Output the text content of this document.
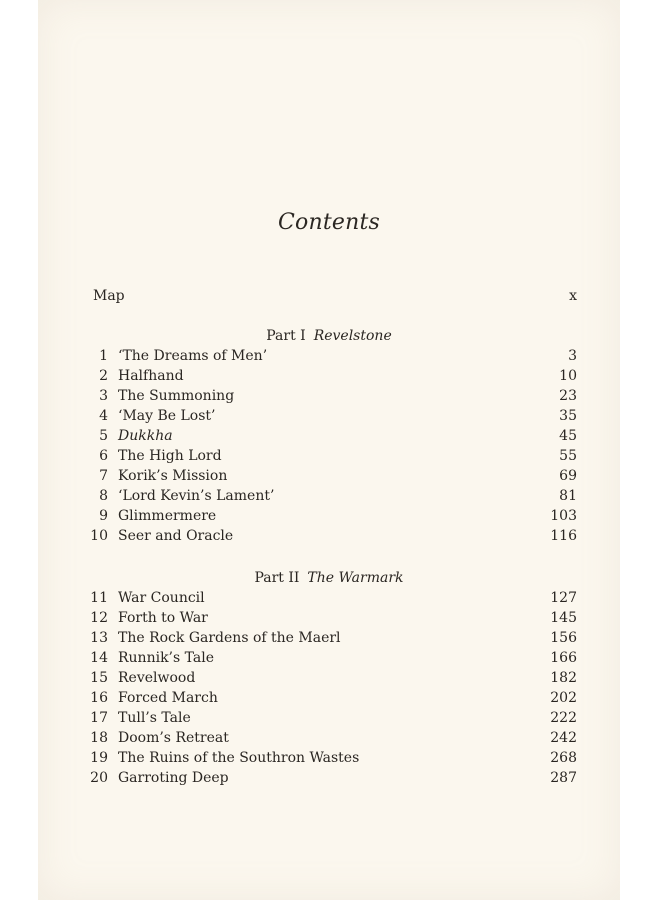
Contents
Map	x
Part I Revelstone
1 ‘The Dreams of Men’	3
2 Halfhand	10
3 The Summoning	23
4 ‘May Be Lost’	35
5 Dukkha	45
6 The High Lord	55
7 Korik’s Mission	69
8 ‘Lord Kevin’s Lament’	81
9 Glimmermere	103
10 Seer and Oracle	116
Part II The Warmark
11 War Council	127
12 Forth to War	145
13 The Rock Gardens of the Maerl	156
14 Runnik’s Tale	166
15 Revelwood	182
16 Forced March	202
17 Tull’s Tale	222
18 Doom’s Retreat	242
19 The Ruins of the Southron Wastes	268
20 Garroting Deep	287
